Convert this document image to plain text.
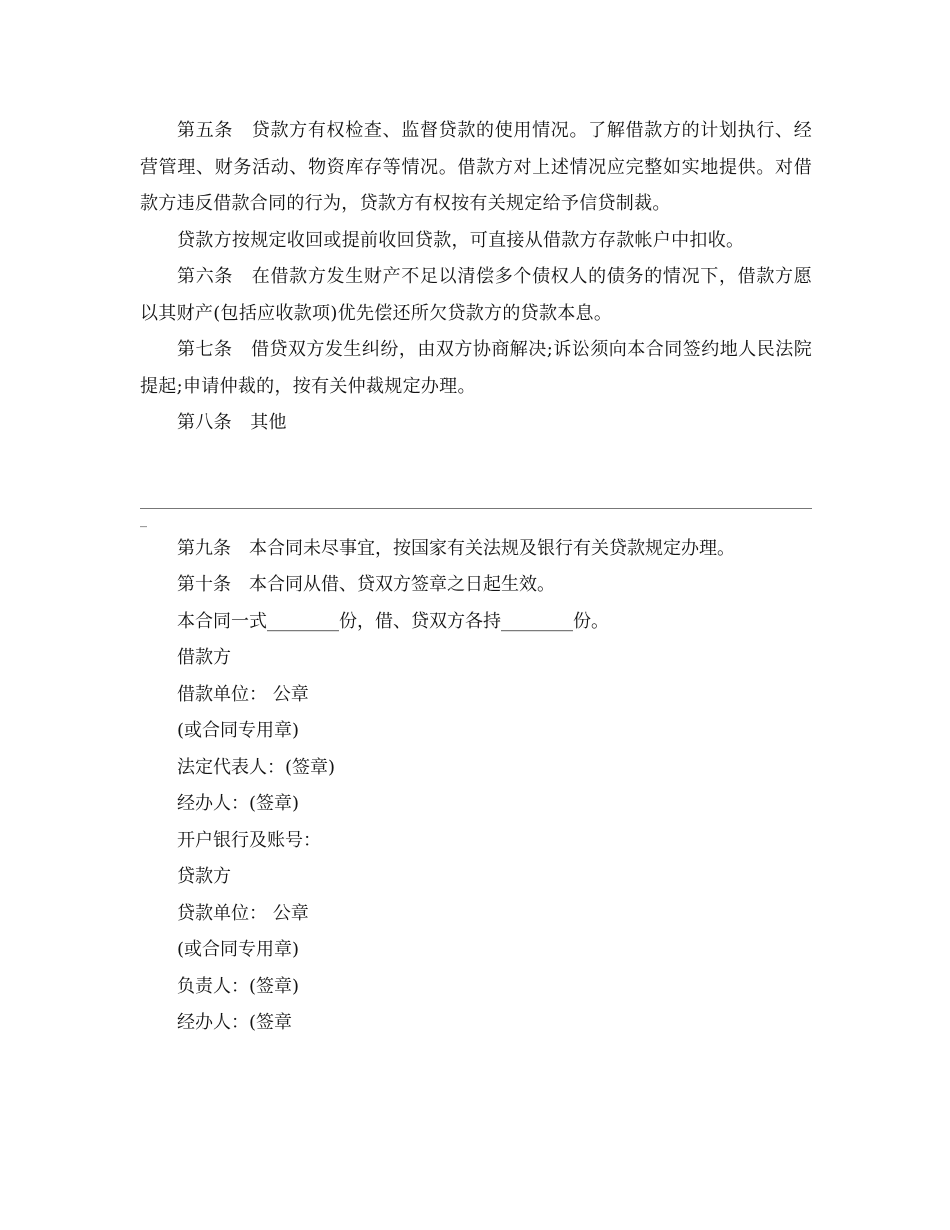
第五条　贷款方有权检查、监督贷款的使用情况。了解借款方的计划执行、经营管理、财务活动、物资库存等情况。借款方对上述情况应完整如实地提供。对借款方违反借款合同的行为，贷款方有权按有关规定给予信贷制裁。

贷款方按规定收回或提前收回贷款，可直接从借款方存款帐户中扣收。

第六条　在借款方发生财产不足以清偿多个债权人的债务的情况下，借款方愿以其财产(包括应收款项)优先偿还所欠贷款方的贷款本息。

第七条　借贷双方发生纠纷，由双方协商解决;诉讼须向本合同签约地人民法院提起;申请仲裁的，按有关仲裁规定办理。

第八条　其他

_

第九条　本合同未尽事宜，按国家有关法规及银行有关贷款规定办理。

第十条　本合同从借、贷双方签章之日起生效。

本合同一式________份，借、贷双方各持________份。

借款方

借款单位： 公章

(或合同专用章)

法定代表人：(签章)

经办人：(签章)

开户银行及账号：

贷款方

贷款单位： 公章

(或合同专用章)

负责人：(签章)

经办人：(签章
